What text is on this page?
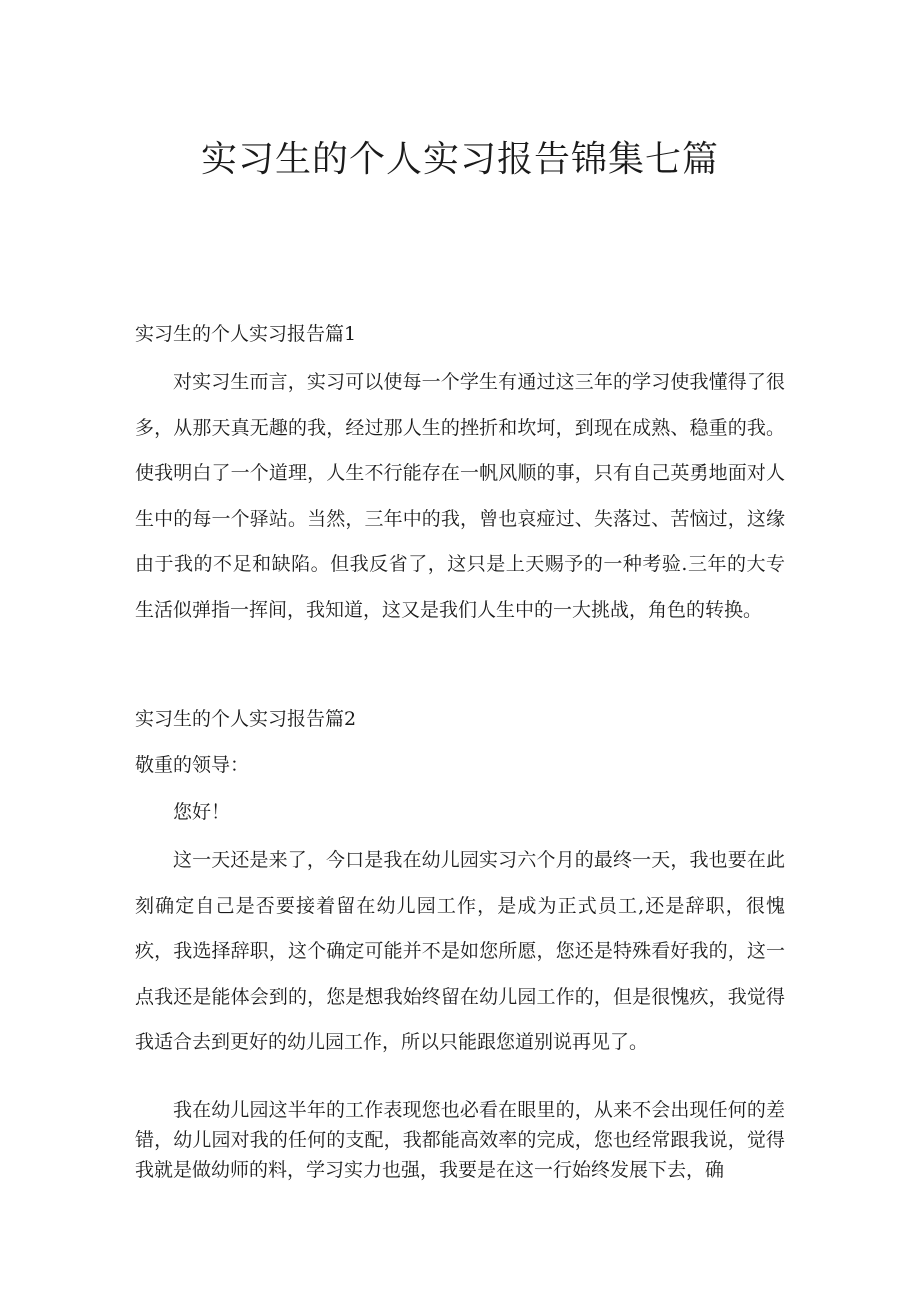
实习生的个人实习报告锦集七篇
实习生的个人实习报告篇1

对实习生而言，实习可以使每一个学生有通过这三年的学习使我懂得了很多，从那天真无趣的我，经过那人生的挫折和坎坷，到现在成熟、稳重的我。使我明白了一个道理，人生不行能存在一帆风顺的事，只有自己英勇地面对人生中的每一个驿站。当然，三年中的我，曾也哀痖过、失落过、苦恼过，这缘由于我的不足和缺陷。但我反省了，这只是上天赐予的一种考验.三年的大专生活似弹指一挥间，我知道，这又是我们人生中的一大挑战，角色的转换。

实习生的个人实习报告篇2

敬重的领导：

您好！

这一天还是来了，今口是我在幼儿园实习六个月的最终一天，我也要在此刻确定自己是否要接着留在幼儿园工作，是成为正式员工,还是辞职，很愧疚，我选择辞职，这个确定可能并不是如您所愿，您还是特殊看好我的，这一点我还是能体会到的，您是想我始终留在幼儿园工作的，但是很愧疚，我觉得我适合去到更好的幼儿园工作，所以只能跟您道别说再见了。

我在幼儿园这半年的工作表现您也必看在眼里的，从来不会出现任何的差错，幼儿园对我的任何的支配，我都能高效率的完成，您也经常跟我说，觉得我就是做幼师的料，学习实力也强，我要是在这一行始终发展下去，确
